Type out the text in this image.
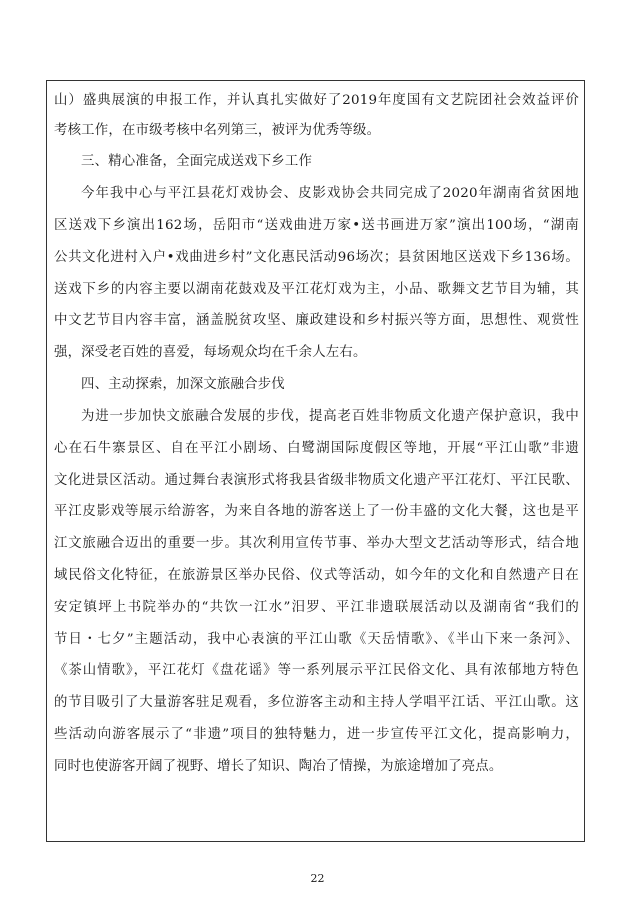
山）盛典展演的申报工作，并认真扎实做好了2019年度国有文艺院团社会效益评价
考核工作，在市级考核中名列第三，被评为优秀等级。
三、精心准备，全面完成送戏下乡工作
今年我中心与平江县花灯戏协会、皮影戏协会共同完成了2020年湖南省贫困地
区送戏下乡演出162场，岳阳市“送戏曲进万家•送书画进万家”演出100场，“湖南
公共文化进村入户•戏曲进乡村”文化惠民活动96场次；县贫困地区送戏下乡136场。
送戏下乡的内容主要以湖南花鼓戏及平江花灯戏为主，小品、歌舞文艺节目为辅，其
中文艺节目内容丰富，涵盖脱贫攻坚、廉政建设和乡村振兴等方面，思想性、观赏性
强，深受老百姓的喜爱，每场观众均在千余人左右。
四、主动探索，加深文旅融合步伐
为进一步加快文旅融合发展的步伐，提高老百姓非物质文化遗产保护意识，我中
心在石牛寨景区、自在平江小剧场、白鹭湖国际度假区等地，开展“平江山歌”非遗
文化进景区活动。通过舞台表演形式将我县省级非物质文化遗产平江花灯、平江民歌、
平江皮影戏等展示给游客，为来自各地的游客送上了一份丰盛的文化大餐，这也是平
江文旅融合迈出的重要一步。其次利用宣传节事、举办大型文艺活动等形式，结合地
域民俗文化特征，在旅游景区举办民俗、仪式等活动，如今年的文化和自然遗产日在
安定镇坪上书院举办的“共饮一江水”汨罗、平江非遗联展活动以及湖南省“我们的
节日・七夕”主题活动，我中心表演的平江山歌《天岳情歌》、《半山下来一条河》、
《茶山情歌》，平江花灯《盘花谣》等一系列展示平江民俗文化、具有浓郁地方特色
的节目吸引了大量游客驻足观看，多位游客主动和主持人学唱平江话、平江山歌。这
些活动向游客展示了“非遗”项目的独特魅力，进一步宣传平江文化，提高影响力，
同时也使游客开阔了视野、增长了知识、陶冶了情操，为旅途增加了亮点。
22
